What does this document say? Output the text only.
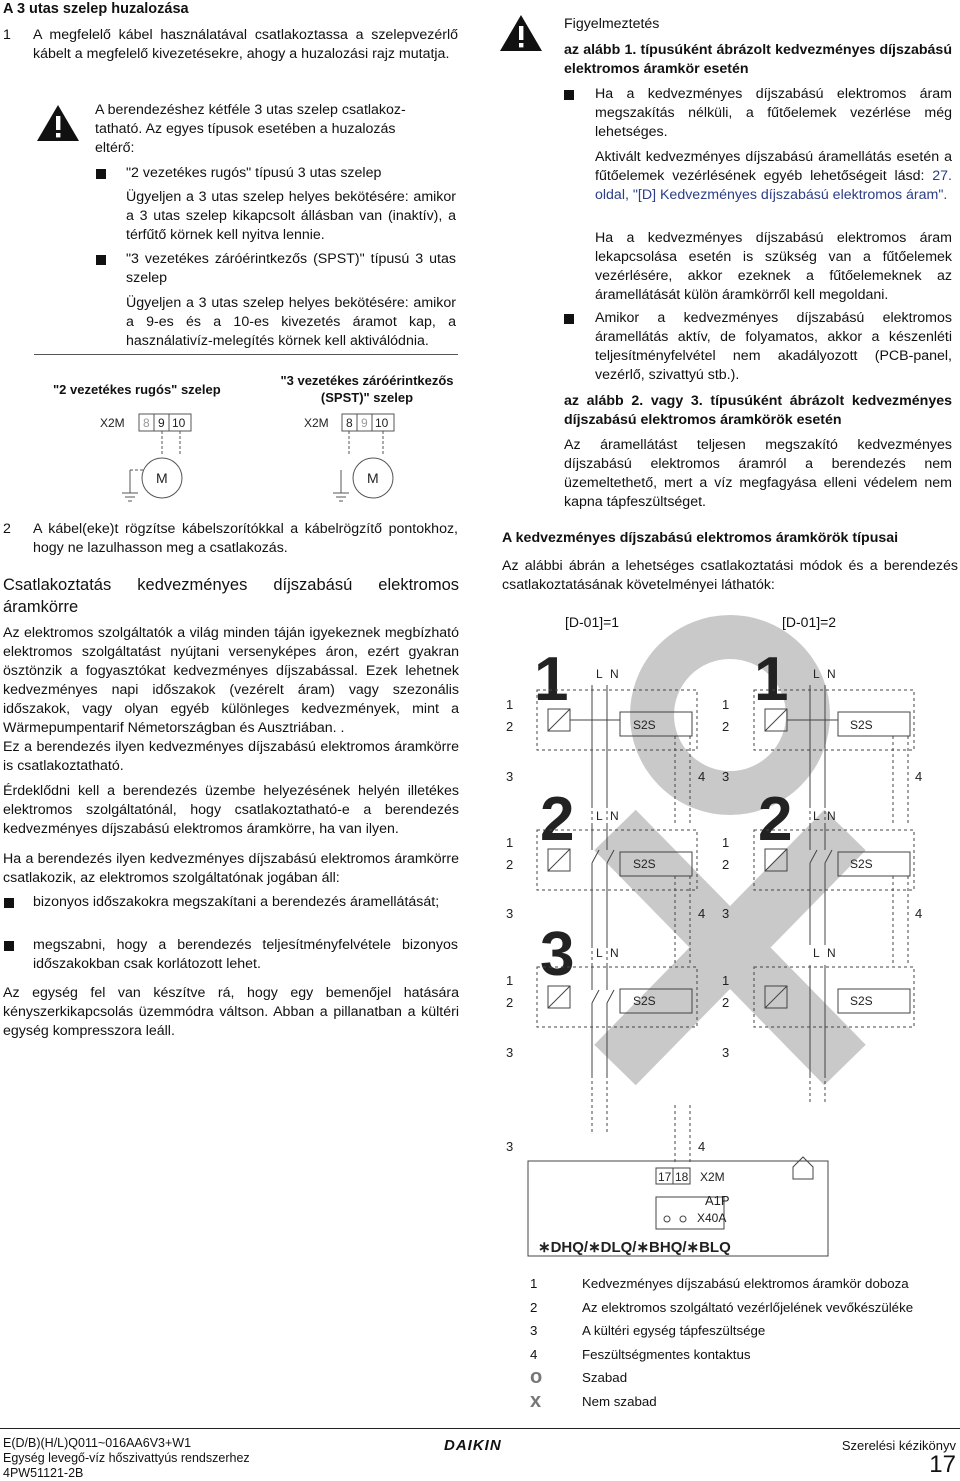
A 3 utas szelep huzalozása
1 A megfelelő kábel használatával csatlakoztassa a szelepvezérlő kábelt a megfelelő kivezetésekre, ahogy a huzalozási rajz mutatja.
A berendezéshez kétféle 3 utas szelep csatlakoz-
tatható. Az egyes típusok esetében a huzalozás
eltérő:
"2 vezetékes rugós" típusú 3 utas szelep
Ügyeljen a 3 utas szelep helyes bekötésére: amikor a 3 utas szelep kikapcsolt állásban van (inaktív), a térfűtő körnek kell nyitva lennie.
"3 vezetékes záróérintkezős (SPST)" típusú 3 utas szelep
Ügyeljen a 3 utas szelep helyes bekötésére: amikor a 9-es és a 10-es kivezetés áramot kap, a használativíz-melegítés körnek kell aktiválódnia.
"2 vezetékes rugós" szelep
"3 vezetékes záróérintkezős
(SPST)" szelep
X2M 8 9 10
M
X2M 8 9 10
M
2 A kábel(eke)t rögzítse kábelszorítókkal a kábelrögzítő pontokhoz, hogy ne lazulhasson meg a csatlakozás.
Csatlakoztatás kedvezményes díjszabású elektromos
áramkörre
Az elektromos szolgáltatók a világ minden táján igyekeznek megbízható elektromos szolgáltatást nyújtani versenyképes áron, ezért gyakran ösztönzik a fogyasztókat kedvezményes díjszabással. Ezek lehetnek kedvezményes napi időszakok (vezérelt áram) vagy szezonális időszakok, vagy olyan egyéb különleges kedvezmények, mint a Wärmepumpentarif Németországban és Ausztriában. .
Ez a berendezés ilyen kedvezményes díjszabású elektromos áramkörre is csatlakoztatható.
Érdeklődni kell a berendezés üzembe helyezésének helyén illetékes elektromos szolgáltatónál, hogy csatlakoztatható-e a berendezés kedvezményes díjszabású elektromos áramkörre, ha van ilyen.
Ha a berendezés ilyen kedvezményes díjszabású elektromos áramkörre csatlakozik, az elektromos szolgáltatónak jogában áll:
bizonyos időszakokra megszakítani a berendezés áramellátását;
megszabni, hogy a berendezés teljesítményfelvétele bizonyos időszakokban csak korlátozott lehet.
Az egység fel van készítve rá, hogy egy bemenőjel hatására kényszerkikapcsolás üzemmódra váltson. Abban a pillanatban a kültéri egység kompresszora leáll.
Figyelmeztetés
az alább 1. típusúként ábrázolt kedvezményes díjszabású elektromos áramkör esetén
Ha a kedvezményes díjszabású elektromos áram megszakítás nélküli, a fűtőelemek vezérlése még lehetséges.
Aktivált kedvezményes díjszabású áramellátás esetén a fűtőelemek vezérlésének egyéb lehetőségeit lásd: 27. oldal, "[D] Kedvezményes díjszabású elektromos áram".
Ha a kedvezményes díjszabású elektromos áram lekapcsolása esetén is szükség van a fűtőelemek vezérlésére, akkor ezeknek a fűtőelemeknek az áramellátását külön áramkörről kell megoldani.
Amikor a kedvezményes díjszabású elektromos áramellátás aktív, de folyamatos, akkor a készenléti teljesítményfelvétel nem akadályozott (PCB-panel, vezérlő, szivattyú stb.).
az alább 2. vagy 3. típusúként ábrázolt kedvezményes díjszabású elektromos áramkörök esetén
Az áramellátást teljesen megszakító kedvezményes díjszabású elektromos áramról a berendezés nem üzemeltethető, mert a víz megfagyása elleni védelem nem kapna tápfeszültséget.
A kedvezményes díjszabású elektromos áramkörök típusai
Az alábbi ábrán a lehetséges csatlakoztatási módok és a berendezés csatlakoztatásának követelményei láthatók:
[D-01]=1	[D-01]=2
1	1
2	2
3
L N	L N
S2S	S2S
L N	L N
S2S	S2S
L N	L N
S2S	S2S
1
2
3	4
1
2
3	4
1
2
3	4
1
2
3	4
1
2
3
1
2
3
3	4
17 18 X2M
A1P
X40A
∗DHQ/∗DLQ/∗BHQ/∗BLQ
1	Kedvezményes díjszabású elektromos áramkör doboza
2	Az elektromos szolgáltató vezérlőjelének vevőkészüléke
3	A kültéri egység tápfeszültsége
4	Feszültségmentes kontaktus
o	Szabad
x	Nem szabad
E(D/B)(H/L)Q011~016AA6V3+W1
Egység levegő-víz hőszivattyús rendszerhez
4PW51121-2B
DAIKIN	Szerelési kézikönyv
17
